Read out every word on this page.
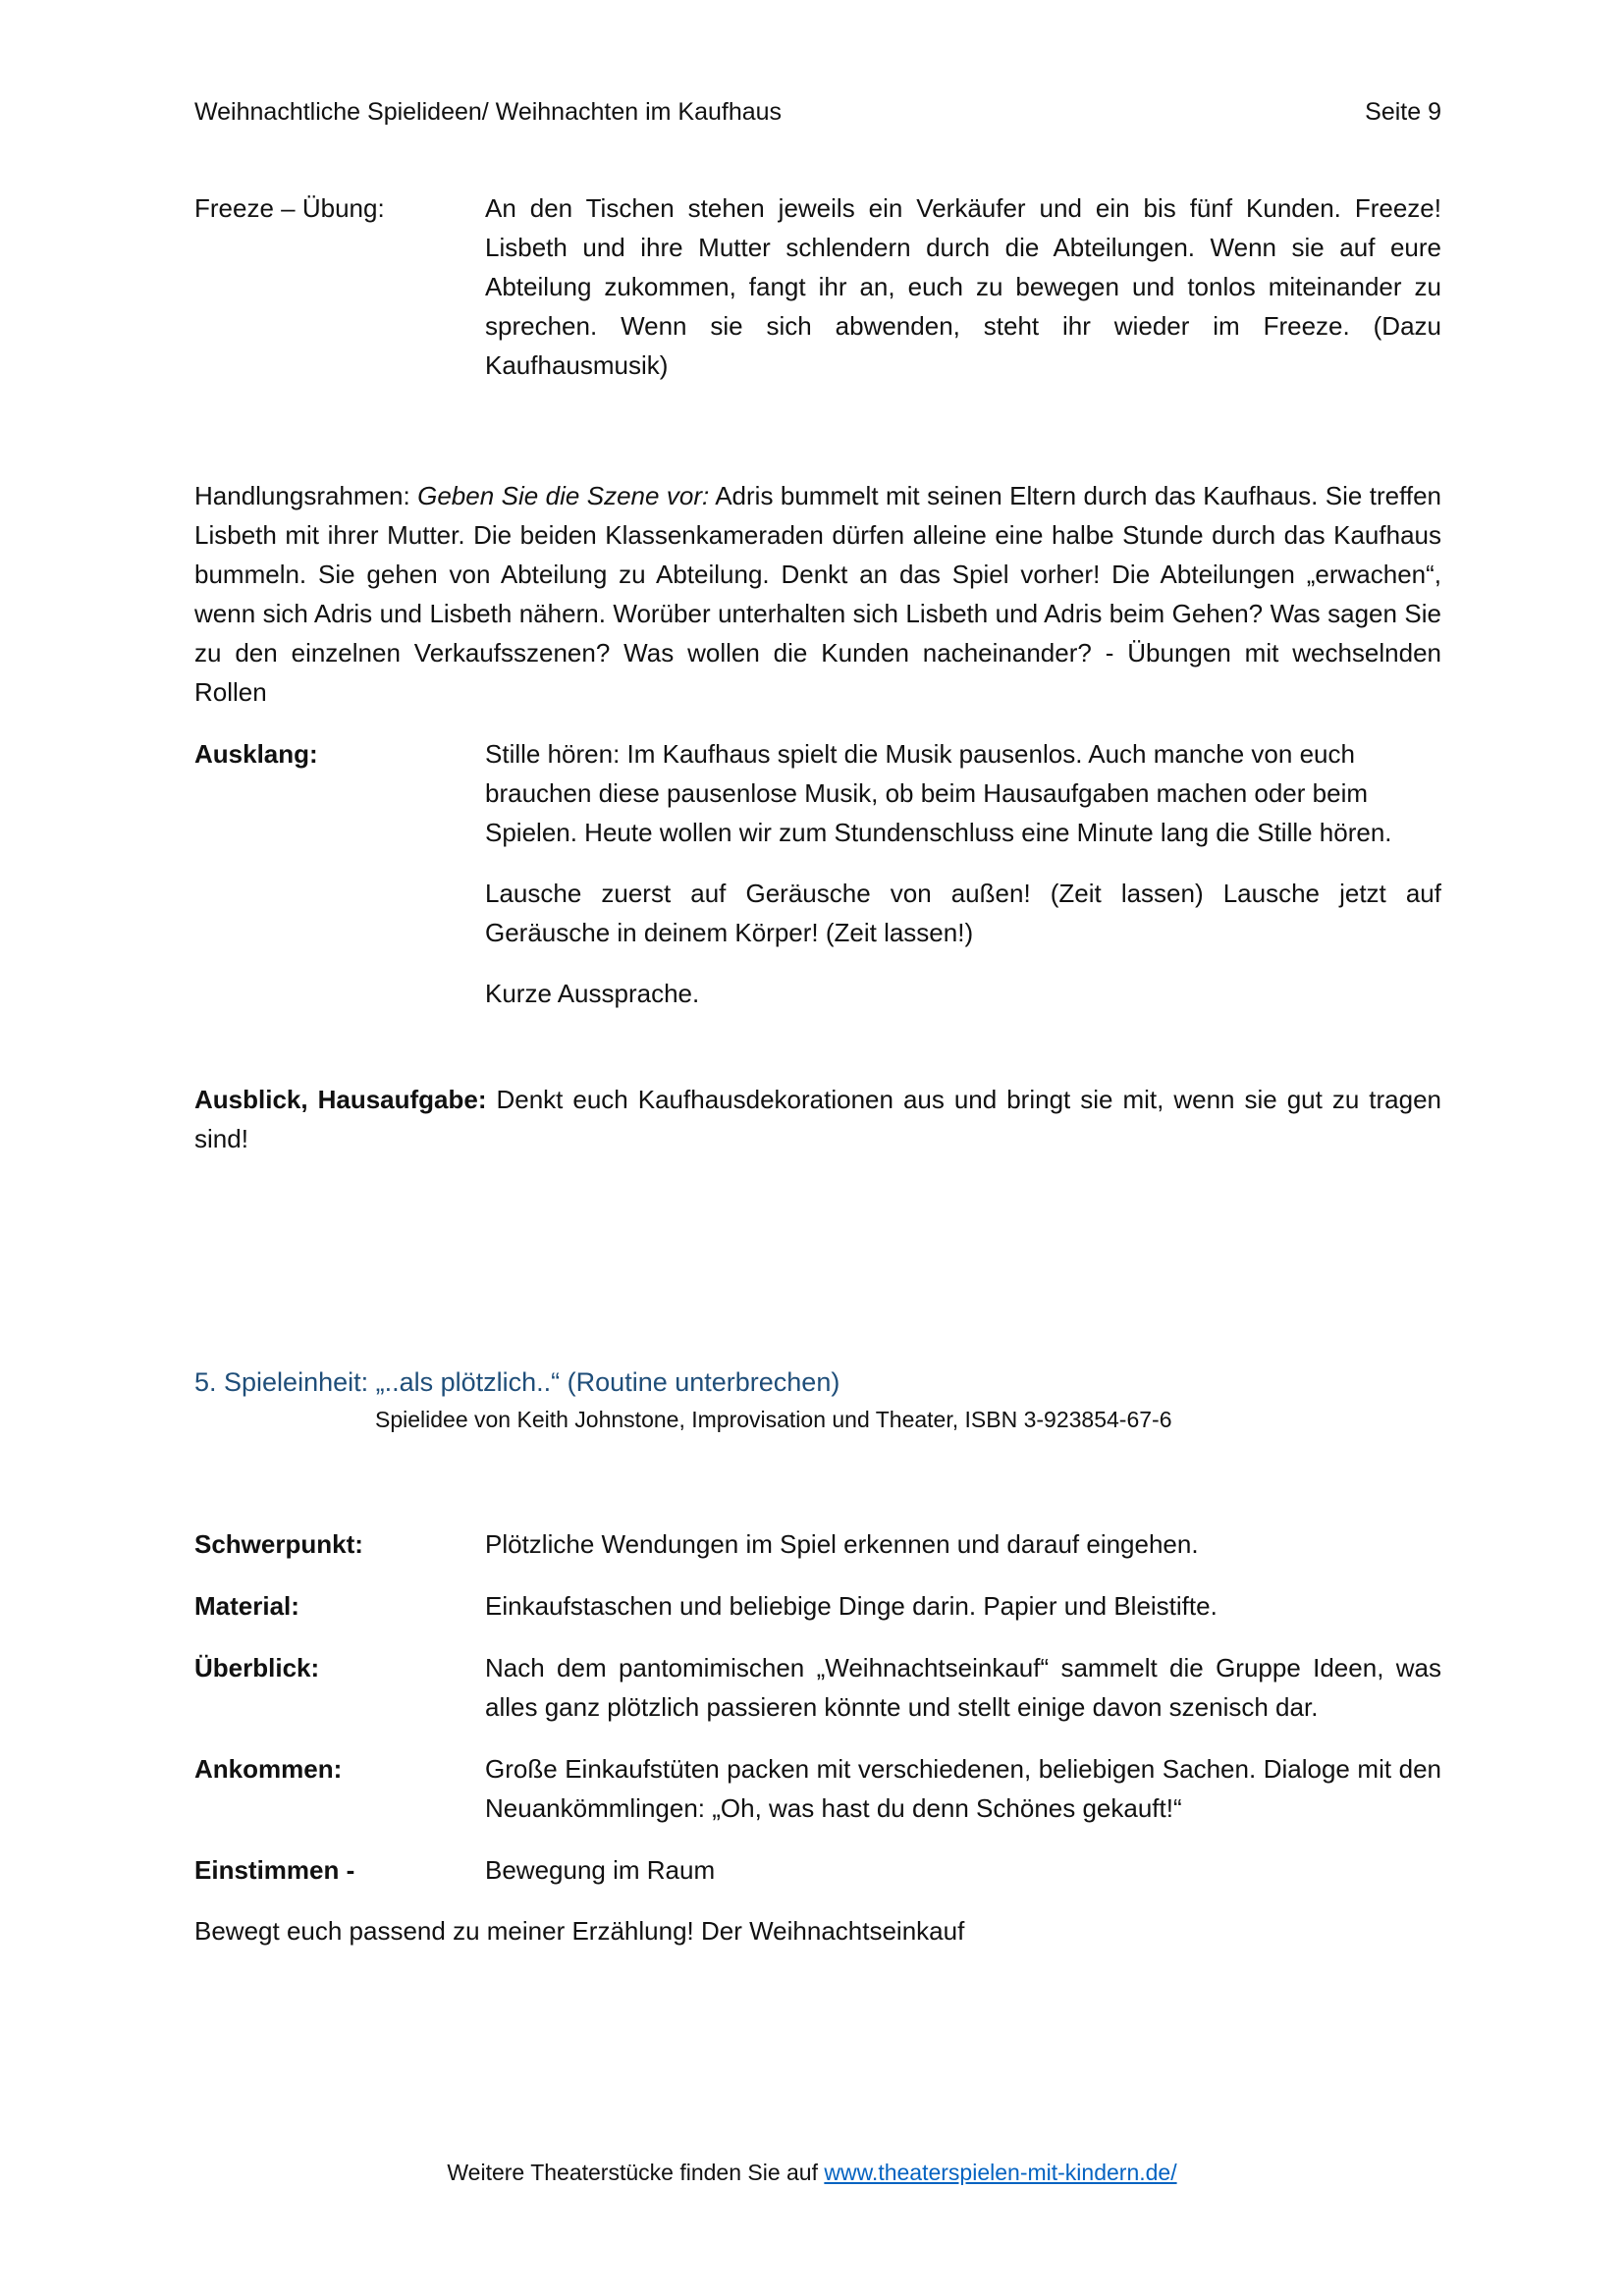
Weihnachtliche Spielideen/ Weihnachten im Kaufhaus	Seite 9
Freeze – Übung:	An den Tischen stehen jeweils ein Verkäufer und ein bis fünf Kunden. Freeze! Lisbeth und ihre Mutter schlendern durch die Abteilungen. Wenn sie auf eure Abteilung zukommen, fangt ihr an, euch zu bewegen und tonlos miteinander zu sprechen. Wenn sie sich abwenden, steht ihr wieder im Freeze. (Dazu Kaufhausmusik)
Handlungsrahmen: Geben Sie die Szene vor: Adris bummelt mit seinen Eltern durch das Kaufhaus. Sie treffen Lisbeth mit ihrer Mutter. Die beiden Klassenkameraden dürfen alleine eine halbe Stunde durch das Kaufhaus bummeln. Sie gehen von Abteilung zu Abteilung. Denkt an das Spiel vorher! Die Abteilungen „erwachen“, wenn sich Adris und Lisbeth nähern. Worüber unterhalten sich Lisbeth und Adris beim Gehen? Was sagen Sie zu den einzelnen Verkaufsszenen? Was wollen die Kunden nacheinander? - Übungen mit wechselnden Rollen
Ausklang:	Stille hören: Im Kaufhaus spielt die Musik pausenlos. Auch manche von euch brauchen diese pausenlose Musik, ob beim Hausaufgaben machen oder beim Spielen. Heute wollen wir zum Stundenschluss eine Minute lang die Stille hören.

Lausche zuerst auf Geräusche von außen! (Zeit lassen) Lausche jetzt auf Geräusche in deinem Körper! (Zeit lassen!)

Kurze Aussprache.

Ausblick, Hausaufgabe: Denkt euch Kaufhausdekorationen aus und bringt sie mit, wenn sie gut zu tragen sind!
5. Spieleinheit: „..als plötzlich..“ (Routine unterbrechen)
Spielidee von Keith Johnstone, Improvisation und Theater, ISBN 3-923854-67-6
Schwerpunkt:	Plötzliche Wendungen im Spiel erkennen und darauf eingehen.
Material:	Einkaufstaschen und beliebige Dinge darin. Papier und Bleistifte.
Überblick:	Nach dem pantomimischen „Weihnachtseinkauf“ sammelt die Gruppe Ideen, was alles ganz plötzlich passieren könnte und stellt einige davon szenisch dar.
Ankommen:	Große Einkaufstüten packen mit verschiedenen, beliebigen Sachen. Dialoge mit den Neuankömmlingen: „Oh, was hast du denn Schönes gekauft!“
Einstimmen -	Bewegung im Raum
Bewegt euch passend zu meiner Erzählung! Der Weihnachtseinkauf
Weitere Theaterstücke finden Sie auf www.theaterspielen-mit-kindern.de/
